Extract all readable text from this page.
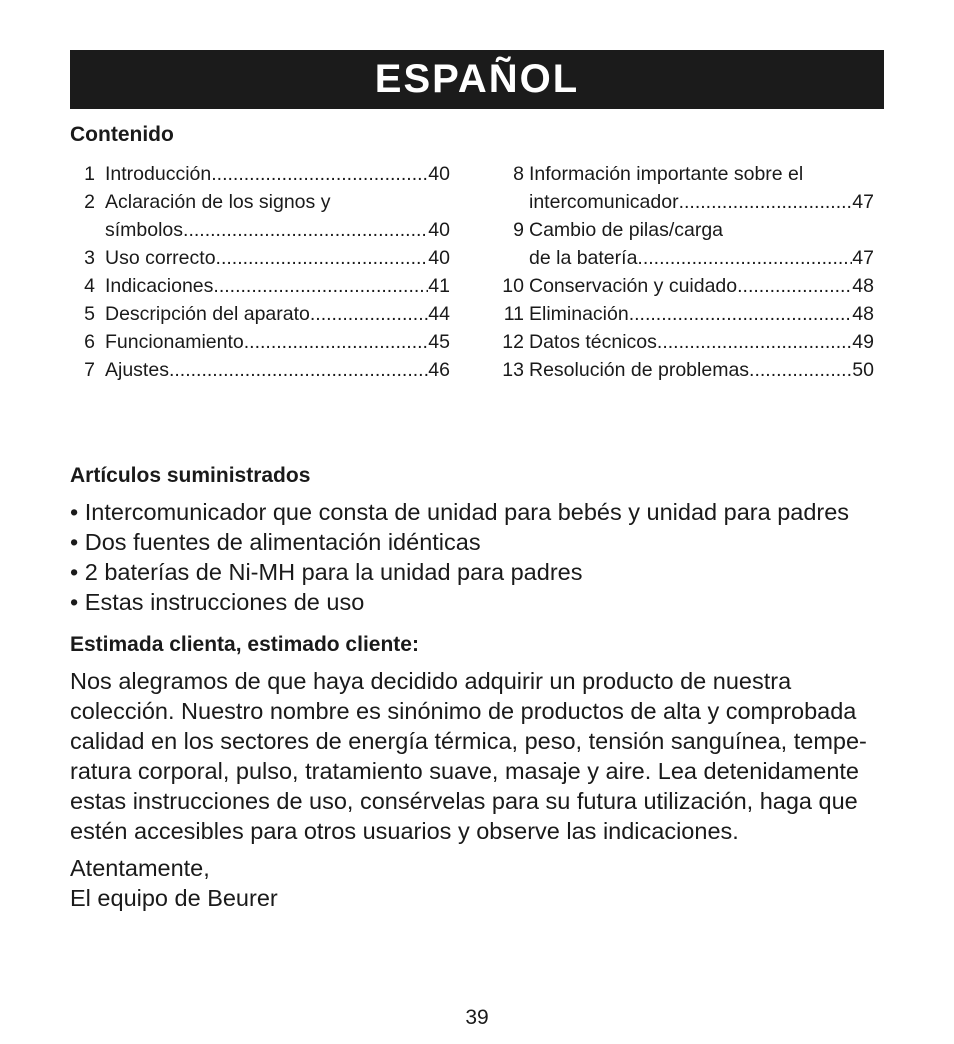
ESPAÑOL
Contenido
1 Introducción .....	40
2 Aclaración de los signos y
símbolos .....	40
3 Uso correcto .....	40
4 Indicaciones .....	41
5 Descripción del aparato .....	44
6 Funcionamiento .....	45
7 Ajustes .....	46
8 Información importante sobre el
intercomunicador .....	47
9 Cambio de pilas/carga
de la batería .....	47
10 Conservación y cuidado .....	48
11 Eliminación .....	48
12 Datos técnicos .....	49
13 Resolución de problemas .....	50
Artículos suministrados
• Intercomunicador que consta de unidad para bebés y unidad para padres
• Dos fuentes de alimentación idénticas
• 2 baterías de Ni-MH para la unidad para padres
• Estas instrucciones de uso
Estimada clienta, estimado cliente:
Nos alegramos de que haya decidido adquirir un producto de nuestra
colección. Nuestro nombre es sinónimo de productos de alta y comprobada
calidad en los sectores de energía térmica, peso, tensión sanguínea, tempe-
ratura corporal, pulso, tratamiento suave, masaje y aire. Lea detenidamente
estas instrucciones de uso, consérvelas para su futura utilización, haga que
estén accesibles para otros usuarios y observe las indicaciones.
Atentamente,
El equipo de Beurer
39
